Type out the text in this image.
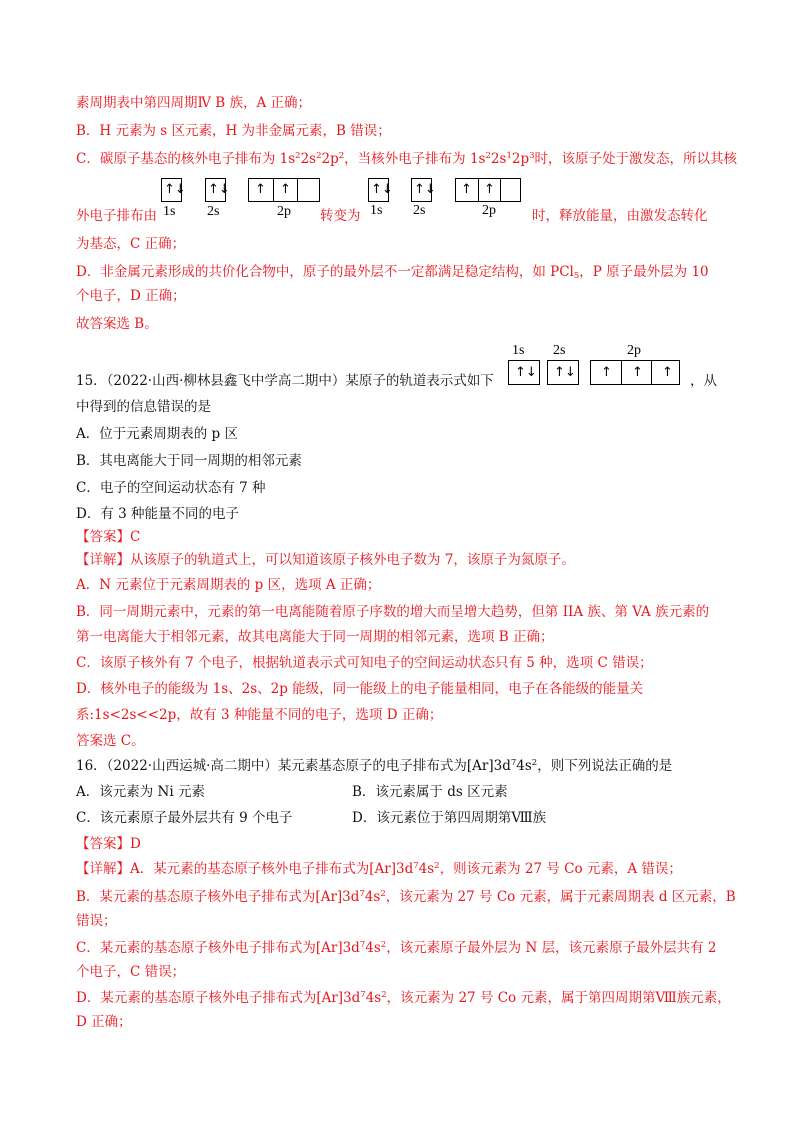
素周期表中第四周期Ⅳ B 族，A 正确；
B．H 元素为 s 区元素，H 为非金属元素，B 错误；
C．碳原子基态的核外电子排布为 $1s^22s^22p^2$，当核外电子排布为 $1s^22s^12p^3$时，该原子处于激发态，所以其核
↑↓ ↑↓ ↑ ↑
1s 2s	2p
↑↓ ↑↓ ↑ ↑
1s 2s	2p
外电子排布由	转变为	时，释放能量，由激发态转化
为基态，C 正确；
D．非金属元素形成的共价化合物中，原子的最外层不一定都满足稳定结构，如 PCl$_5$，P 原子最外层为 10
个电子，D 正确；
故答案选 B。
15．（2022·山西·柳林县鑫飞中学高二期中）某原子的轨道表示式如下
1s 2s	2p
↑↓ ↑↓ ↑ ↑ ↑
，从
中得到的信息错误的是
A．位于元素周期表的 p 区
B．其电离能大于同一周期的相邻元素
C．电子的空间运动状态有 7 种
D．有 3 种能量不同的电子
【答案】C
【详解】从该原子的轨道式上，可以知道该原子核外电子数为 7，该原子为氮原子。
A．N 元素位于元素周期表的 p 区，选项 A 正确；
B．同一周期元素中，元素的第一电离能随着原子序数的增大而呈增大趋势，但第 IIA 族、第 VA 族元素的
第一电离能大于相邻元素，故其电离能大于同一周期的相邻元素，选项 B 正确；
C．该原子核外有 7 个电子，根据轨道表示式可知电子的空间运动状态只有 5 种，选项 C 错误；
D．核外电子的能级为 1s、2s、2p 能级，同一能级上的电子能量相同，电子在各能级的能量关
系:1s<2s<<2p，故有 3 种能量不同的电子，选项 D 正确；
答案选 C。
16．（2022·山西运城·高二期中）某元素基态原子的电子排布式为$[Ar]3d^74s^2$，则下列说法正确的是
A．该元素为 Ni 元素	B．该元素属于 ds 区元素
C．该元素原子最外层共有 9 个电子	D．该元素位于第四周期第Ⅷ族
【答案】D
【详解】A．某元素的基态原子核外电子排布式为$[Ar]3d^74s^2$，则该元素为 27 号 Co 元素，A 错误；
B．某元素的基态原子核外电子排布式为$[Ar]3d^74s^2$，该元素为 27 号 Co 元素，属于元素周期表 d 区元素，B
错误；
C．某元素的基态原子核外电子排布式为$[Ar]3d^74s^2$，该元素原子最外层为 N 层，该元素原子最外层共有 2
个电子，C 错误；
D．某元素的基态原子核外电子排布式为$[Ar]3d^74s^2$，该元素为 27 号 Co 元素，属于第四周期第Ⅷ族元素，
D 正确；
